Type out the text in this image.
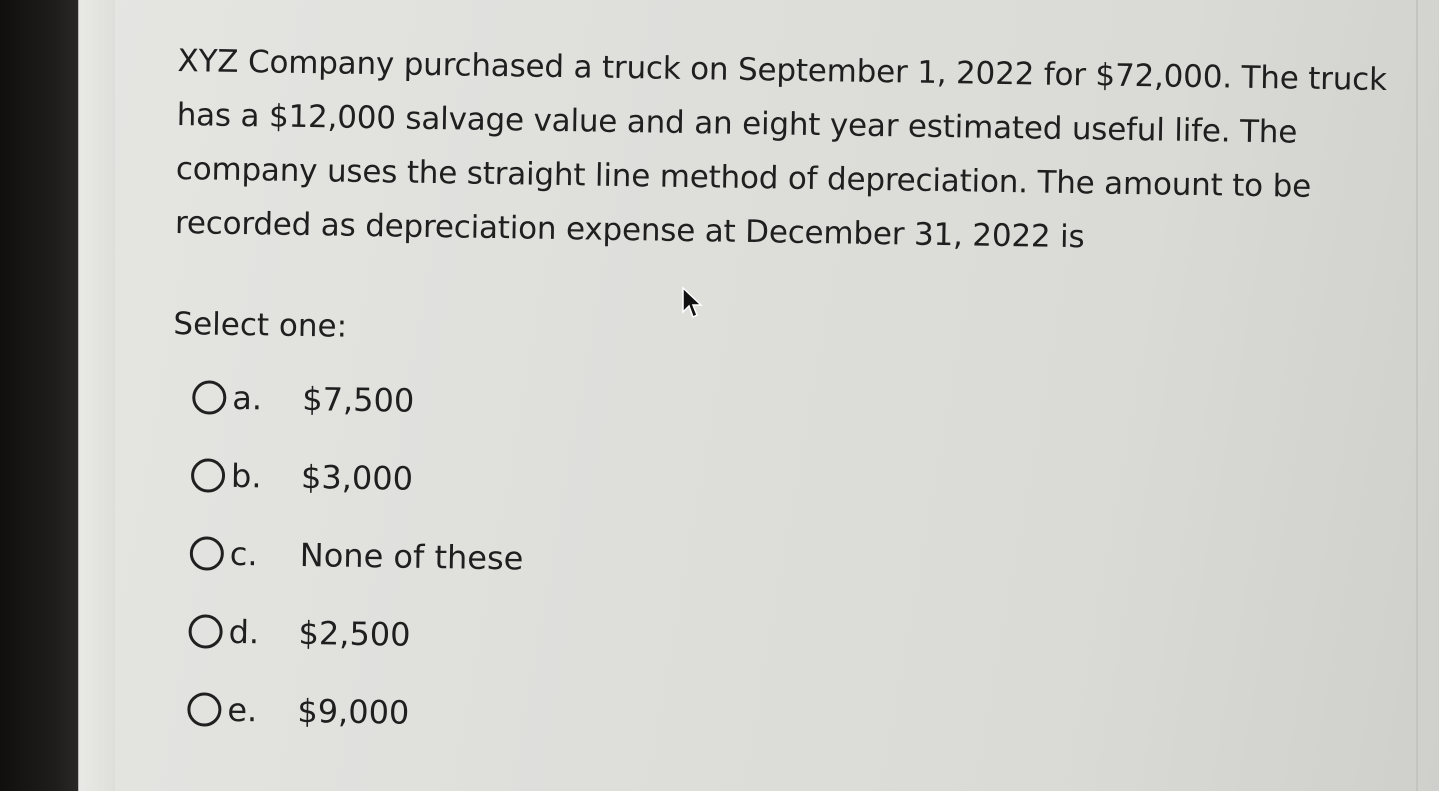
XYZ Company purchased a truck on September 1, 2022 for $72,000. The truck has a $12,000 salvage value and an eight year estimated useful life. The company uses the straight line method of depreciation. The amount to be recorded as depreciation expense at December 31, 2022 is

Select one:
a.	$7,500
b.	$3,000
c.	None of these
d.	$2,500
e.	$9,000
